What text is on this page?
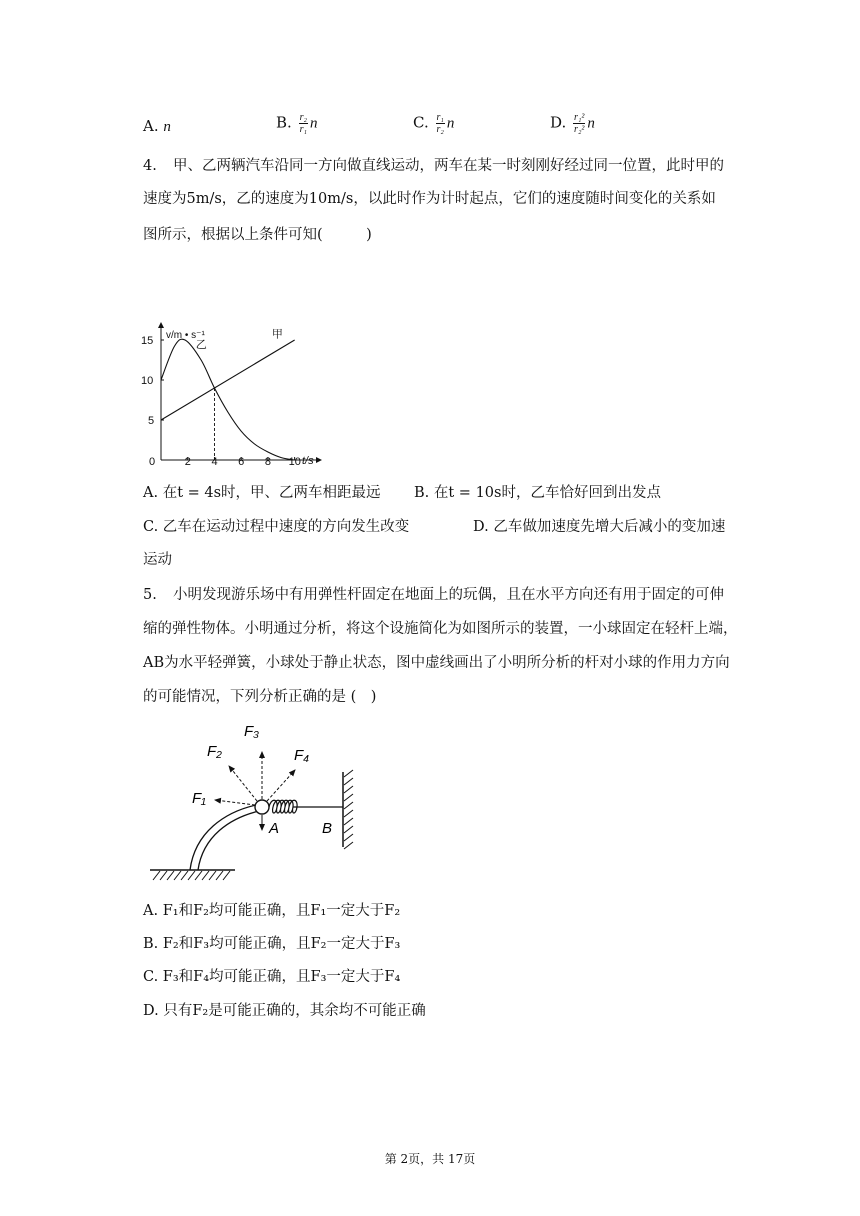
A. n	B. $\frac{\text{r₂}}{\text{r₁}}$ n	C. $\frac{\text{r₁}}{\text{r₂}}$ n	D. $\frac{\text{r₁²}}{\text{r₂²}}$ n
4. 甲、乙两辆汽车沿同一方向做直线运动，两车在某一时刻刚好经过同一位置，此时甲的
速度为5m/s，乙的速度为10m/s，以此时作为计时起点，它们的速度随时间变化的关系如
图所示，根据以上条件可知(　　　)
v/m • s⁻¹
t/s
0	2 4 6 8 10
5
10
15
甲
乙
A. 在t = 4s时，甲、乙两车相距最远 B. 在t = 10s时，乙车恰好回到出发点
C. 乙车在运动过程中速度的方向发生改变	D. 乙车做加速度先增大后减小的变加速
运动
5. 小明发现游乐场中有用弹性杆固定在地面上的玩偶，且在水平方向还有用于固定的可伸
缩的弹性物体。小明通过分析，将这个设施简化为如图所示的装置，一小球固定在轻杆上端，
AB为水平轻弹簧，小球处于静止状态，图中虚线画出了小明所分析的杆对小球的作用力方向
的可能情况，下列分析正确的是 (　)
F₁
F₂
F₃
F₄
A	B
A. F₁和F₂均可能正确，且F₁一定大于F₂
B. F₂和F₃均可能正确，且F₂一定大于F₃
C. F₃和F₄均可能正确，且F₃一定大于F₄
D. 只有F₂是可能正确的，其余均不可能正确
第 2页，共 17页
